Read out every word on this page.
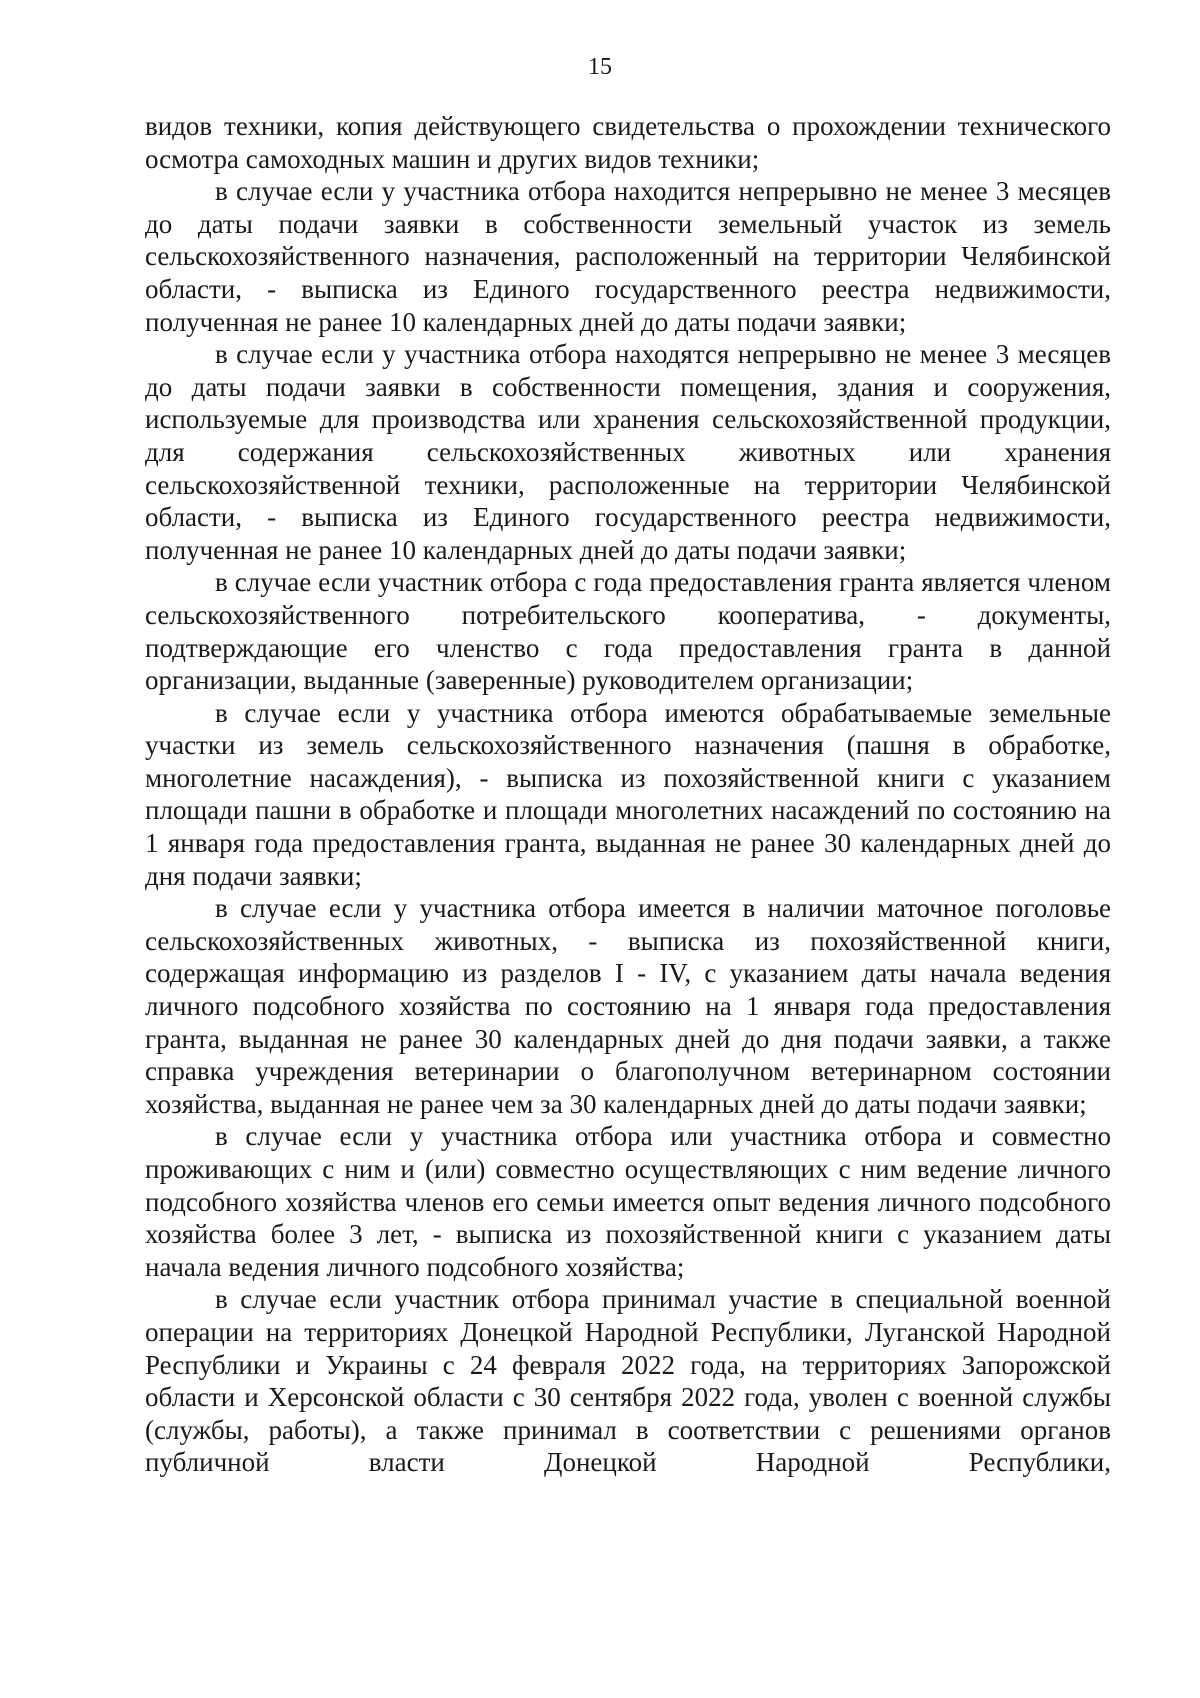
15

видов техники, копия действующего свидетельства о прохождении технического осмотра самоходных машин и других видов техники;

в случае если у участника отбора находится непрерывно не менее 3 месяцев до даты подачи заявки в собственности земельный участок из земель сельскохозяйственного назначения, расположенный на территории Челябинской области, - выписка из Единого государственного реестра недвижимости, полученная не ранее 10 календарных дней до даты подачи заявки;

в случае если у участника отбора находятся непрерывно не менее 3 месяцев до даты подачи заявки в собственности помещения, здания и сооружения, используемые для производства или хранения сельскохозяйственной продукции, для содержания сельскохозяйственных животных или хранения сельскохозяйственной техники, расположенные на территории Челябинской области, - выписка из Единого государственного реестра недвижимости, полученная не ранее 10 календарных дней до даты подачи заявки;

в случае если участник отбора с года предоставления гранта является членом сельскохозяйственного потребительского кооператива, - документы, подтверждающие его членство с года предоставления гранта в данной организации, выданные (заверенные) руководителем организации;

в случае если у участника отбора имеются обрабатываемые земельные участки из земель сельскохозяйственного назначения (пашня в обработке, многолетние насаждения), - выписка из похозяйственной книги с указанием площади пашни в обработке и площади многолетних насаждений по состоянию на 1 января года предоставления гранта, выданная не ранее 30 календарных дней до дня подачи заявки;

в случае если у участника отбора имеется в наличии маточное поголовье сельскохозяйственных животных, - выписка из похозяйственной книги, содержащая информацию из разделов I - IV, с указанием даты начала ведения личного подсобного хозяйства по состоянию на 1 января года предоставления гранта, выданная не ранее 30 календарных дней до дня подачи заявки, а также справка учреждения ветеринарии о благополучном ветеринарном состоянии хозяйства, выданная не ранее чем за 30 календарных дней до даты подачи заявки;

в случае если у участника отбора или участника отбора и совместно проживающих с ним и (или) совместно осуществляющих с ним ведение личного подсобного хозяйства членов его семьи имеется опыт ведения личного подсобного хозяйства более 3 лет, - выписка из похозяйственной книги с указанием даты начала ведения личного подсобного хозяйства;

в случае если участник отбора принимал участие в специальной военной операции на территориях Донецкой Народной Республики, Луганской Народной Республики и Украины с 24 февраля 2022 года, на территориях Запорожской области и Херсонской области с 30 сентября 2022 года, уволен с военной службы (службы, работы), а также принимал в соответствии с решениями органов публичной власти Донецкой Народной Республики,
